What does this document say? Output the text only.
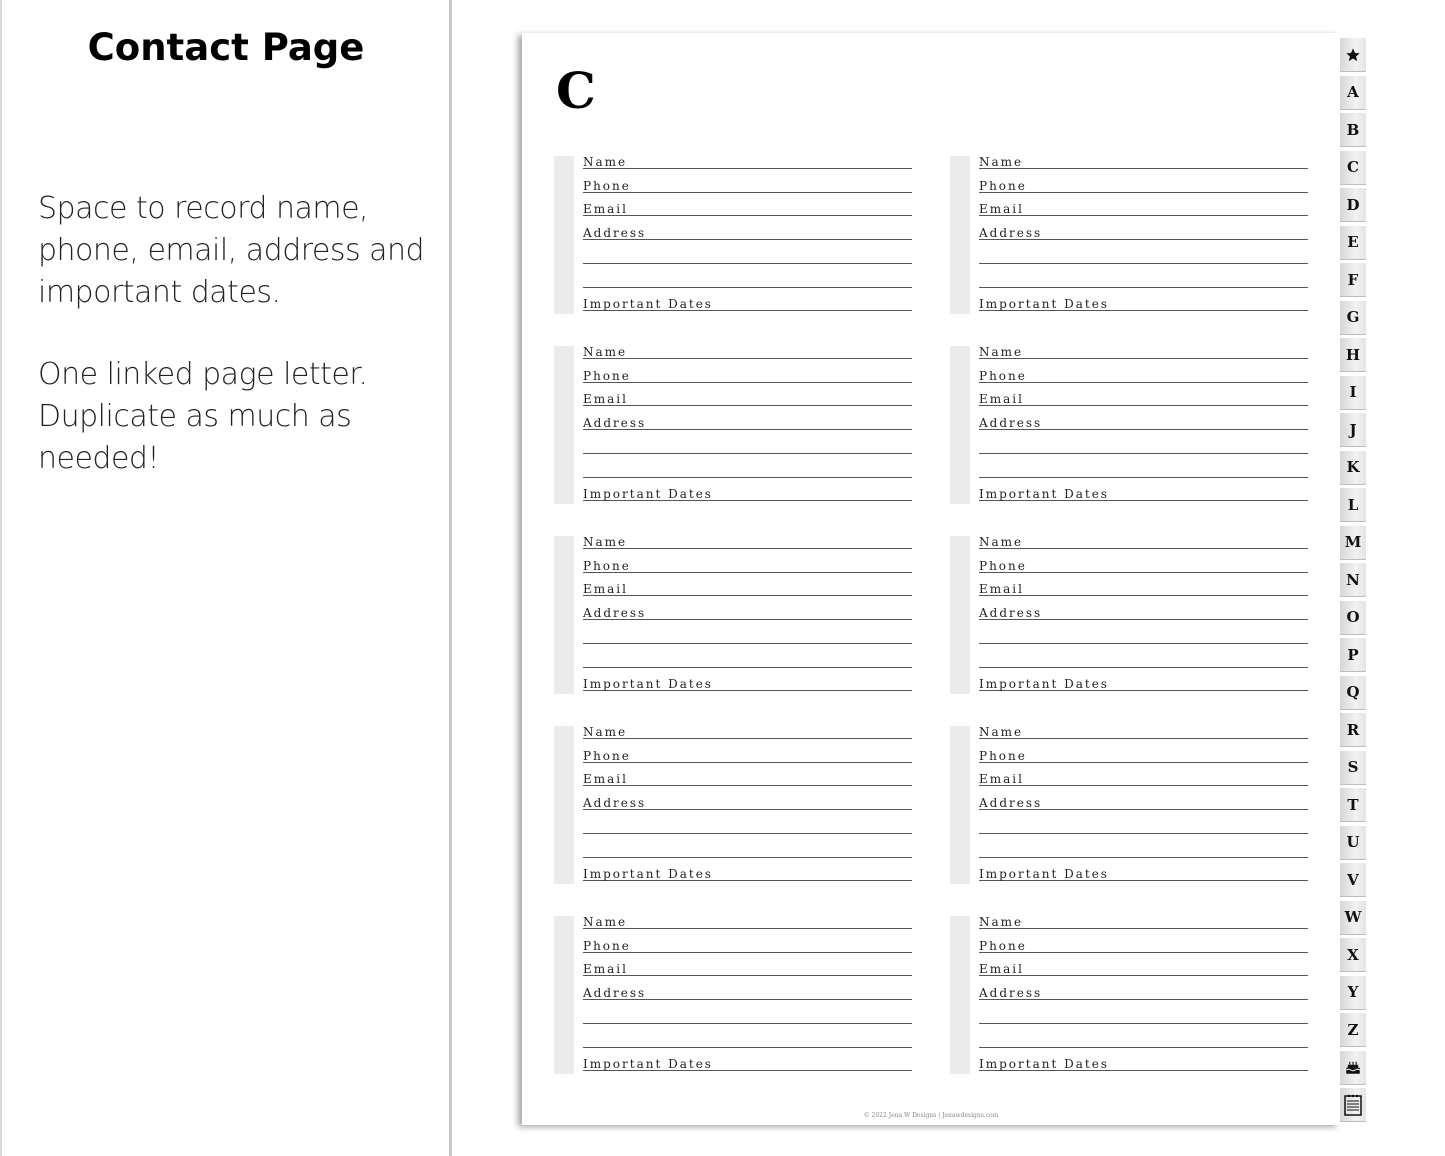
Contact Page
Space to record name, phone, email, address and important dates.
One linked page letter. Duplicate as much as needed!
C
Name
Phone
Email
Address
Important Dates
Name
Phone
Email
Address
Important Dates
Name
Phone
Email
Address
Important Dates
Name
Phone
Email
Address
Important Dates
Name
Phone
Email
Address
Important Dates
Name
Phone
Email
Address
Important Dates
Name
Phone
Email
Address
Important Dates
Name
Phone
Email
Address
Important Dates
Name
Phone
Email
Address
Important Dates
Name
Phone
Email
Address
Important Dates
© 2022 Jena W Designs | Jenawdesigns.com
A
B
C
D
E
F
G
H
I
J
K
L
M
N
O
P
Q
R
S
T
U
V
W
X
Y
Z
